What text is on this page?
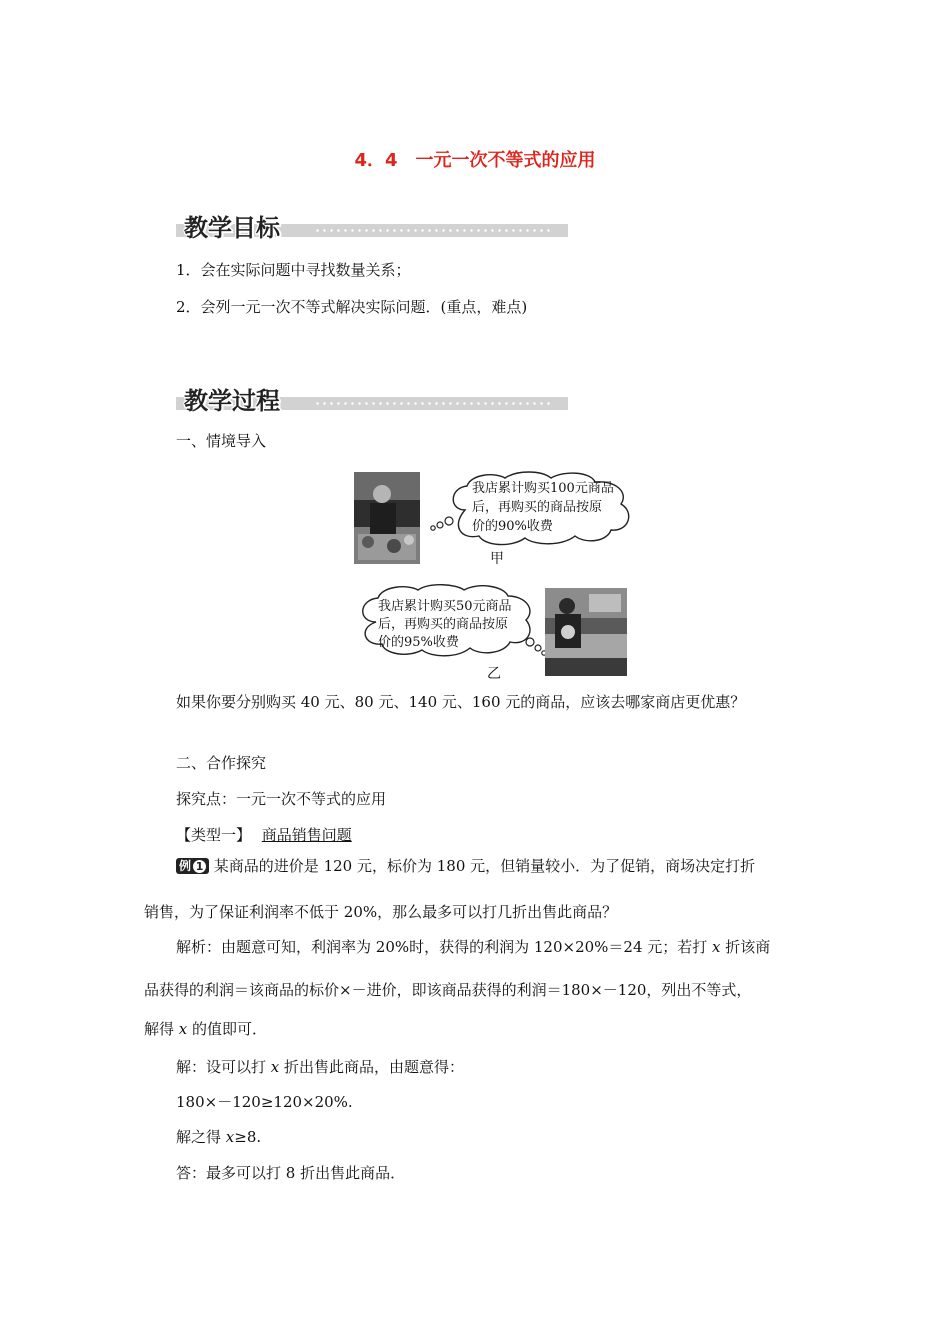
4．4　一元一次不等式的应用
教学目标
1．会在实际问题中寻找数量关系；
2．会列一元一次不等式解决实际问题．(重点，难点)
教学过程
一、情境导入
我店累计购买100元商品
后，再购买的商品按原
价的90%收费
甲
我店累计购买50元商品
后，再购买的商品按原
价的95%收费
乙
如果你要分别购买 40 元、80 元、140 元、160 元的商品，应该去哪家商店更优惠？
二、合作探究
探究点：一元一次不等式的应用
【类型一】 商品销售问题
例 1 某商品的进价是 120 元，标价为 180 元，但销量较小．为了促销，商场决定打折
销售，为了保证利润率不低于 20%，那么最多可以打几折出售此商品？
解析：由题意可知，利润率为 20%时，获得的利润为 120×20%＝24 元；若打 x 折该商
品获得的利润＝该商品的标价×－进价，即该商品获得的利润＝180×－120，列出不等式，
解得 x 的值即可．
解：设可以打 x 折出售此商品，由题意得：
180×－120≥120×20%.
解之得 x≥8.
答：最多可以打 8 折出售此商品．
